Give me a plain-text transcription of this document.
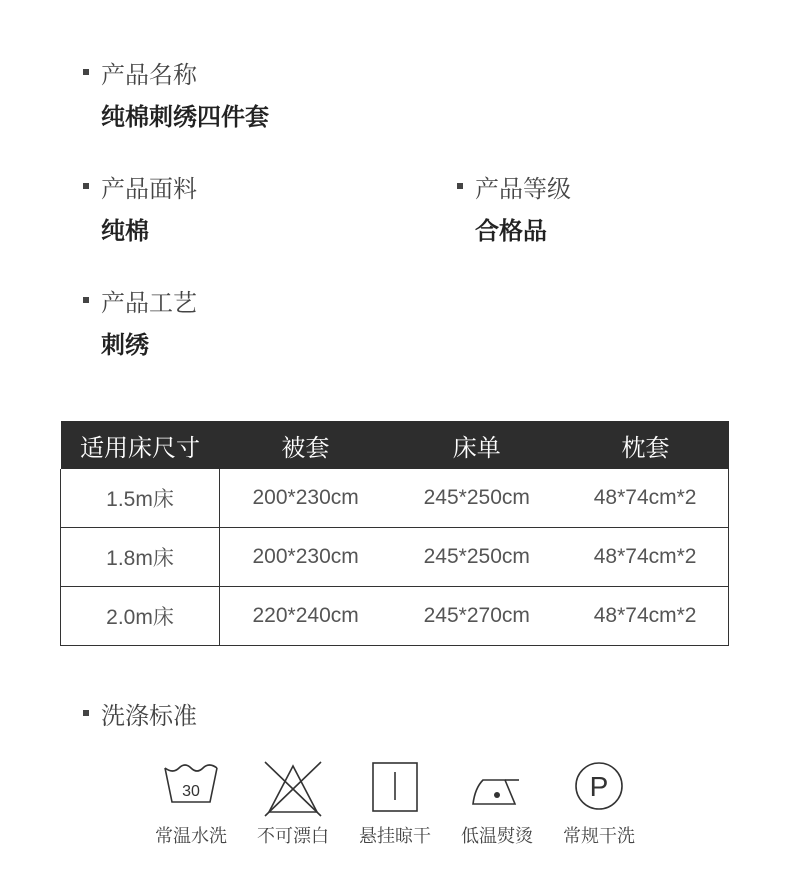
产品名称
纯棉刺绣四件套
产品面料
纯棉
产品等级
合格品
产品工艺
刺绣
适用床尺寸	被套	床单	枕套
1.5m床	200*230cm	245*250cm	48*74cm*2
1.8m床	200*230cm	245*250cm	48*74cm*2
2.0m床	220*240cm	245*270cm	48*74cm*2
洗涤标准
30
常温水洗 不可漂白 悬挂晾干 低温熨烫
P
常规干洗
